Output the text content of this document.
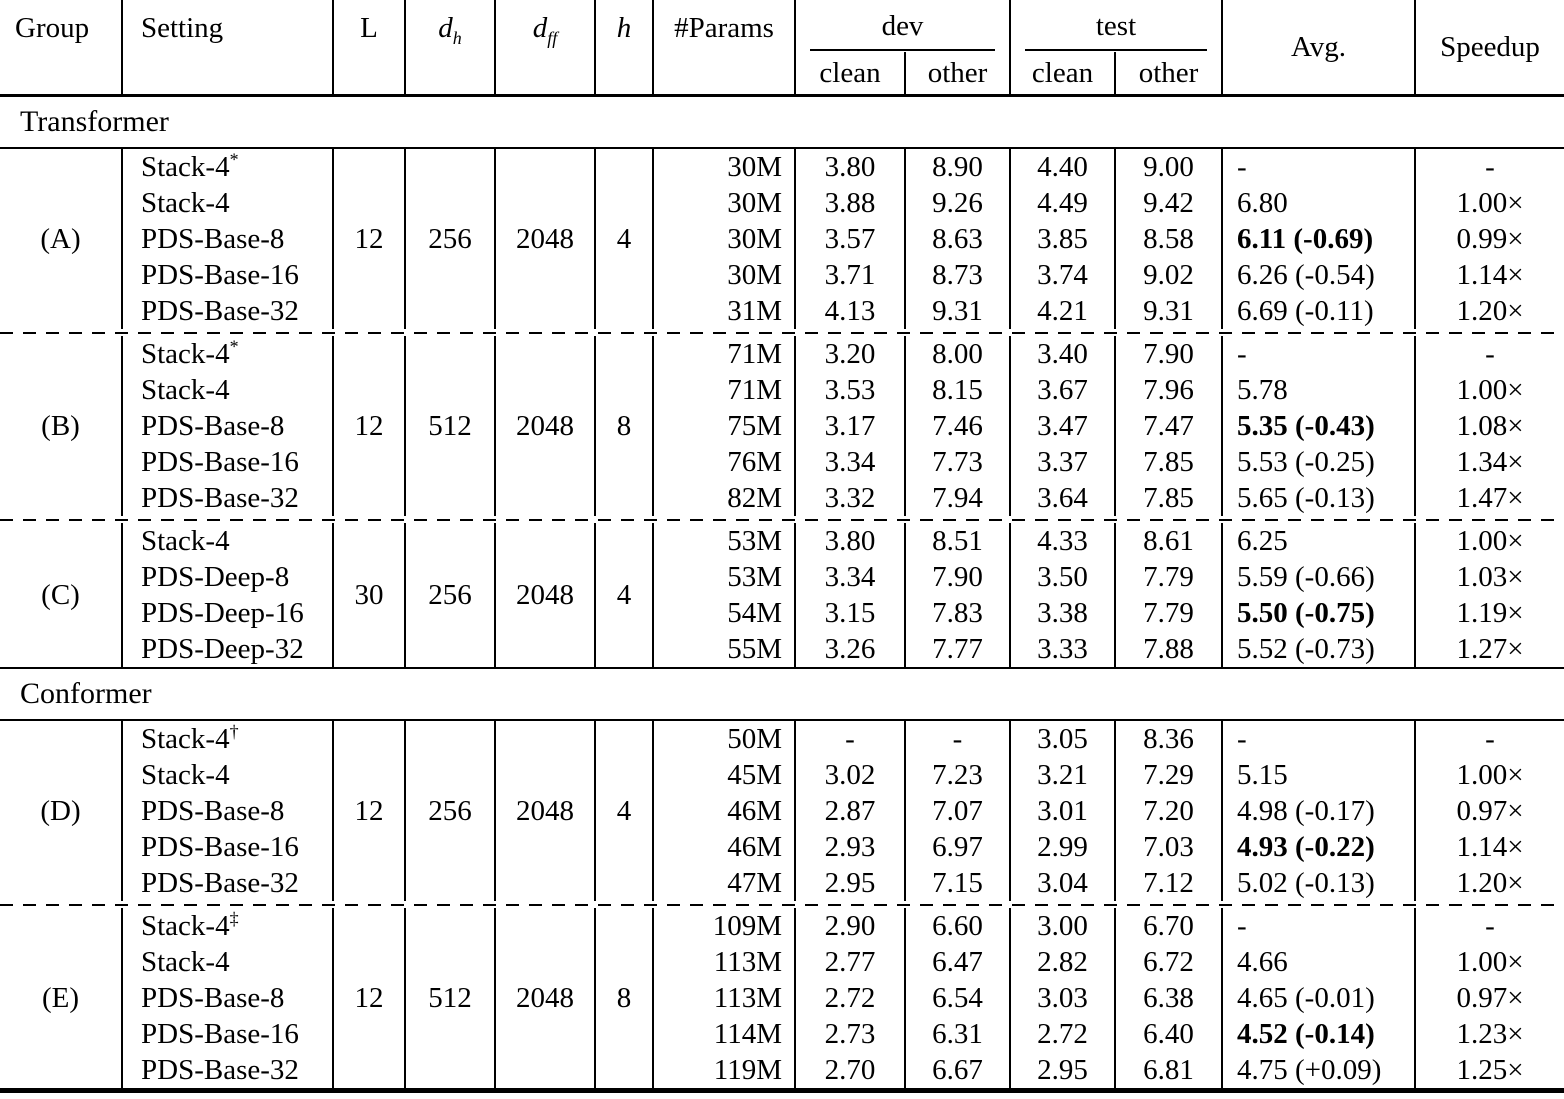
Group	Setting	L	$d_h$	$d_{ff}$	h	#Params	dev		test		Avg.	Speedup
							clean	other	clean	other		
Transformer												
(A)	Stack-4*	12	256	2048	4	30M	3.80	8.90	4.40	9.00	-	-
	Stack-4					30M	3.88	9.26	4.49	9.42	6.80	1.00×
	PDS-Base-8					30M	3.57	8.63	3.85	8.58	6.11 (-0.69)	0.99×
	PDS-Base-16					30M	3.71	8.73	3.74	9.02	6.26 (-0.54)	1.14×
	PDS-Base-32					31M	4.13	9.31	4.21	9.31	6.69 (-0.11)	1.20×

(B)	Stack-4*	12	512	2048	8	71M	3.20	8.00	3.40	7.90	-	-
	Stack-4					71M	3.53	8.15	3.67	7.96	5.78	1.00×
	PDS-Base-8					75M	3.17	7.46	3.47	7.47	5.35 (-0.43)	1.08×
	PDS-Base-16					76M	3.34	7.73	3.37	7.85	5.53 (-0.25)	1.34×
	PDS-Base-32					82M	3.32	7.94	3.64	7.85	5.65 (-0.13)	1.47×

(C)	Stack-4	30	256	2048	4	53M	3.80	8.51	4.33	8.61	6.25	1.00×
	PDS-Deep-8					53M	3.34	7.90	3.50	7.79	5.59 (-0.66)	1.03×
	PDS-Deep-16					54M	3.15	7.83	3.38	7.79	5.50 (-0.75)	1.19×
	PDS-Deep-32					55M	3.26	7.77	3.33	7.88	5.52 (-0.73)	1.27×
Conformer												
(D)	Stack-4†	12	256	2048	4	50M	-	-	3.05	8.36	-	-
	Stack-4					45M	3.02	7.23	3.21	7.29	5.15	1.00×
	PDS-Base-8					46M	2.87	7.07	3.01	7.20	4.98 (-0.17)	0.97×
	PDS-Base-16					46M	2.93	6.97	2.99	7.03	4.93 (-0.22)	1.14×
	PDS-Base-32					47M	2.95	7.15	3.04	7.12	5.02 (-0.13)	1.20×

(E)	Stack-4‡	12	512	2048	8	109M	2.90	6.60	3.00	6.70	-	-
	Stack-4					113M	2.77	6.47	2.82	6.72	4.66	1.00×
	PDS-Base-8					113M	2.72	6.54	3.03	6.38	4.65 (-0.01)	0.97×
	PDS-Base-16					114M	2.73	6.31	2.72	6.40	4.52 (-0.14)	1.23×
	PDS-Base-32					119M	2.70	6.67	2.95	6.81	4.75 (+0.09)	1.25×
